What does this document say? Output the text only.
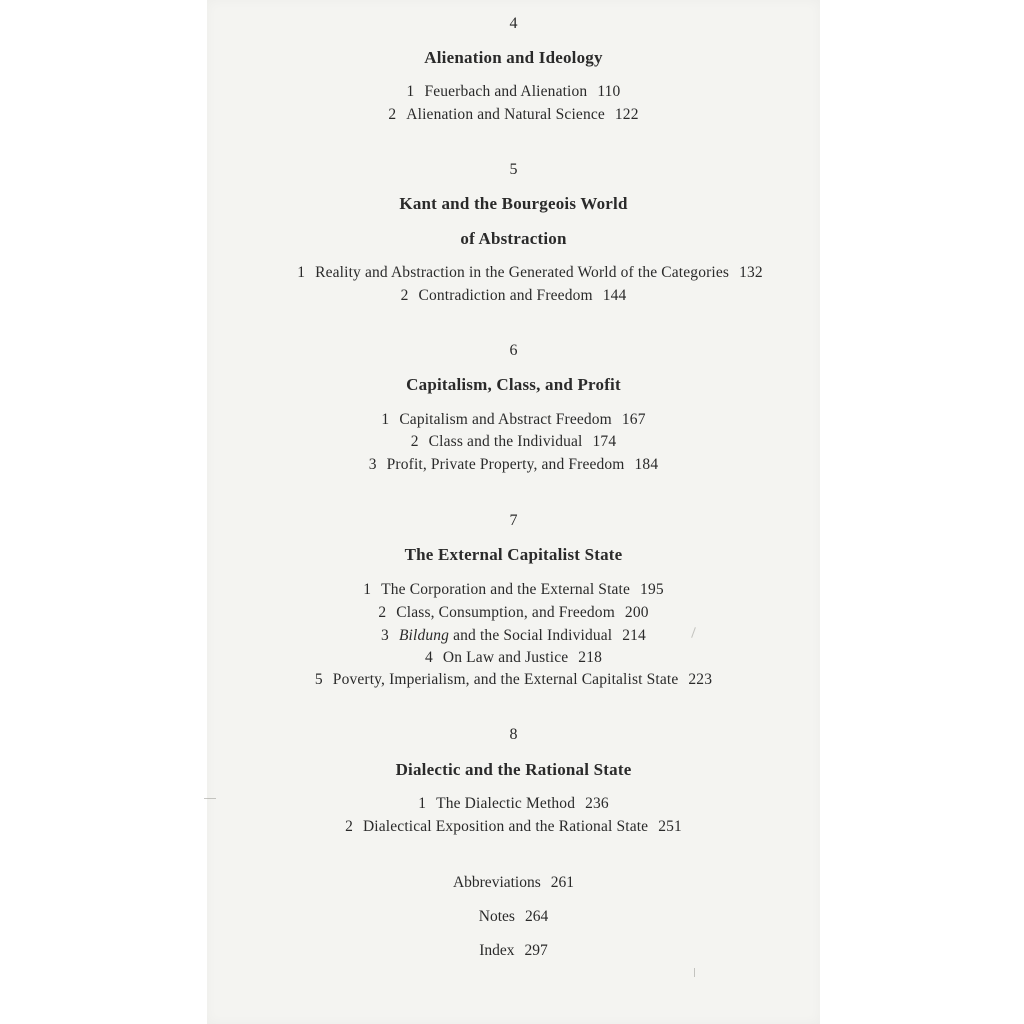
4
Alienation and Ideology
1 Feuerbach and Alienation 110
2 Alienation and Natural Science 122
5
Kant and the Bourgeois World
of Abstraction
1 Reality and Abstraction in the Generated World of the Categories 132
2 Contradiction and Freedom 144
6
Capitalism, Class, and Profit
1 Capitalism and Abstract Freedom 167
2 Class and the Individual 174
3 Profit, Private Property, and Freedom 184
7
The External Capitalist State
1 The Corporation and the External State 195
2 Class, Consumption, and Freedom 200
3 Bildung and the Social Individual 214
4 On Law and Justice 218
5 Poverty, Imperialism, and the External Capitalist State 223
8
Dialectic and the Rational State
1 The Dialectic Method 236
2 Dialectical Exposition and the Rational State 251
Abbreviations 261
Notes 264
Index 297
